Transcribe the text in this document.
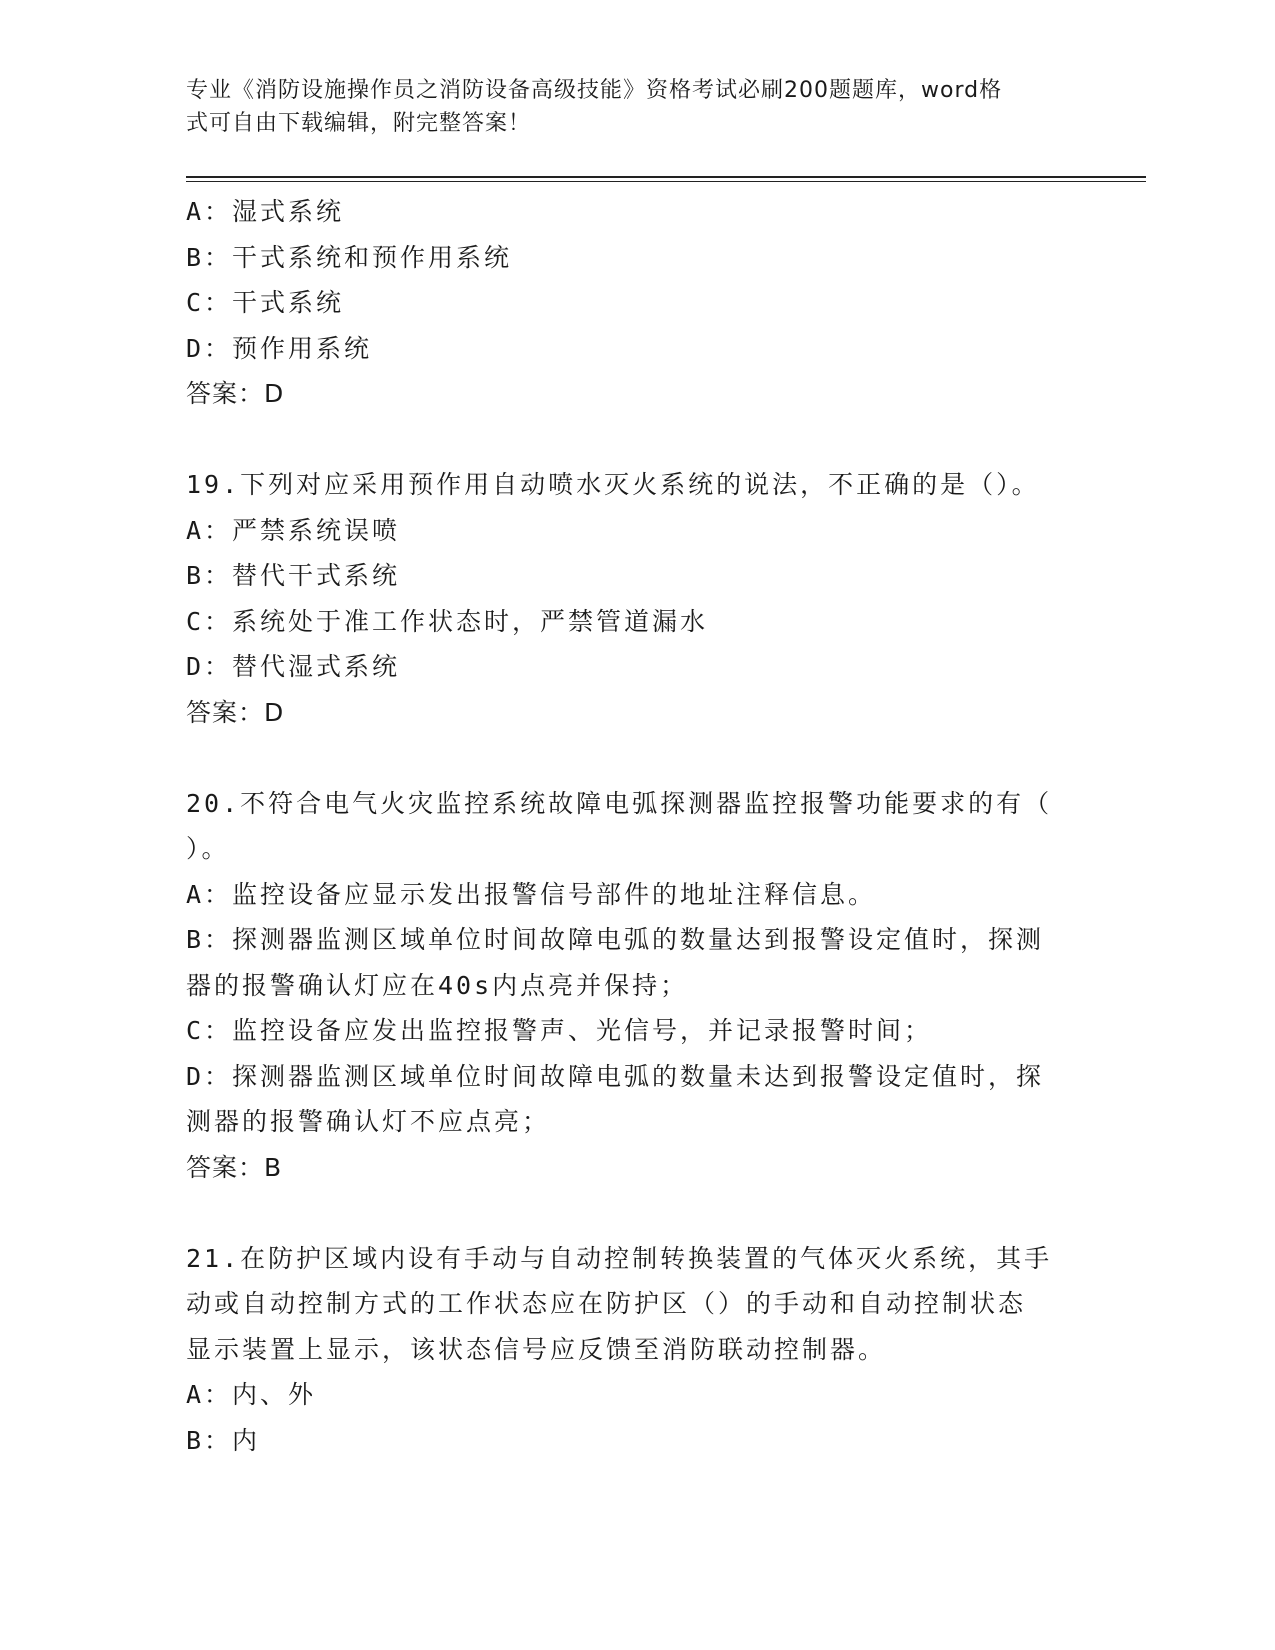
专业《消防设施操作员之消防设备高级技能》资格考试必刷200题题库，word格
式可自由下载编辑，附完整答案！
A：湿式系统
B：干式系统和预作用系统
C：干式系统
D：预作用系统
答案：D
19.下列对应采用预作用自动喷水灭火系统的说法，不正确的是（）。
A：严禁系统误喷
B：替代干式系统
C：系统处于准工作状态时，严禁管道漏水
D：替代湿式系统
答案：D
20.不符合电气火灾监控系统故障电弧探测器监控报警功能要求的有（
）。
A：监控设备应显示发出报警信号部件的地址注释信息。
B：探测器监测区域单位时间故障电弧的数量达到报警设定值时，探测
器的报警确认灯应在40s内点亮并保持；
C：监控设备应发出监控报警声、光信号，并记录报警时间；
D：探测器监测区域单位时间故障电弧的数量未达到报警设定值时，探
测器的报警确认灯不应点亮；
答案：B
21.在防护区域内设有手动与自动控制转换装置的气体灭火系统，其手
动或自动控制方式的工作状态应在防护区（）的手动和自动控制状态
显示装置上显示，该状态信号应反馈至消防联动控制器。
A：内、外
B：内
